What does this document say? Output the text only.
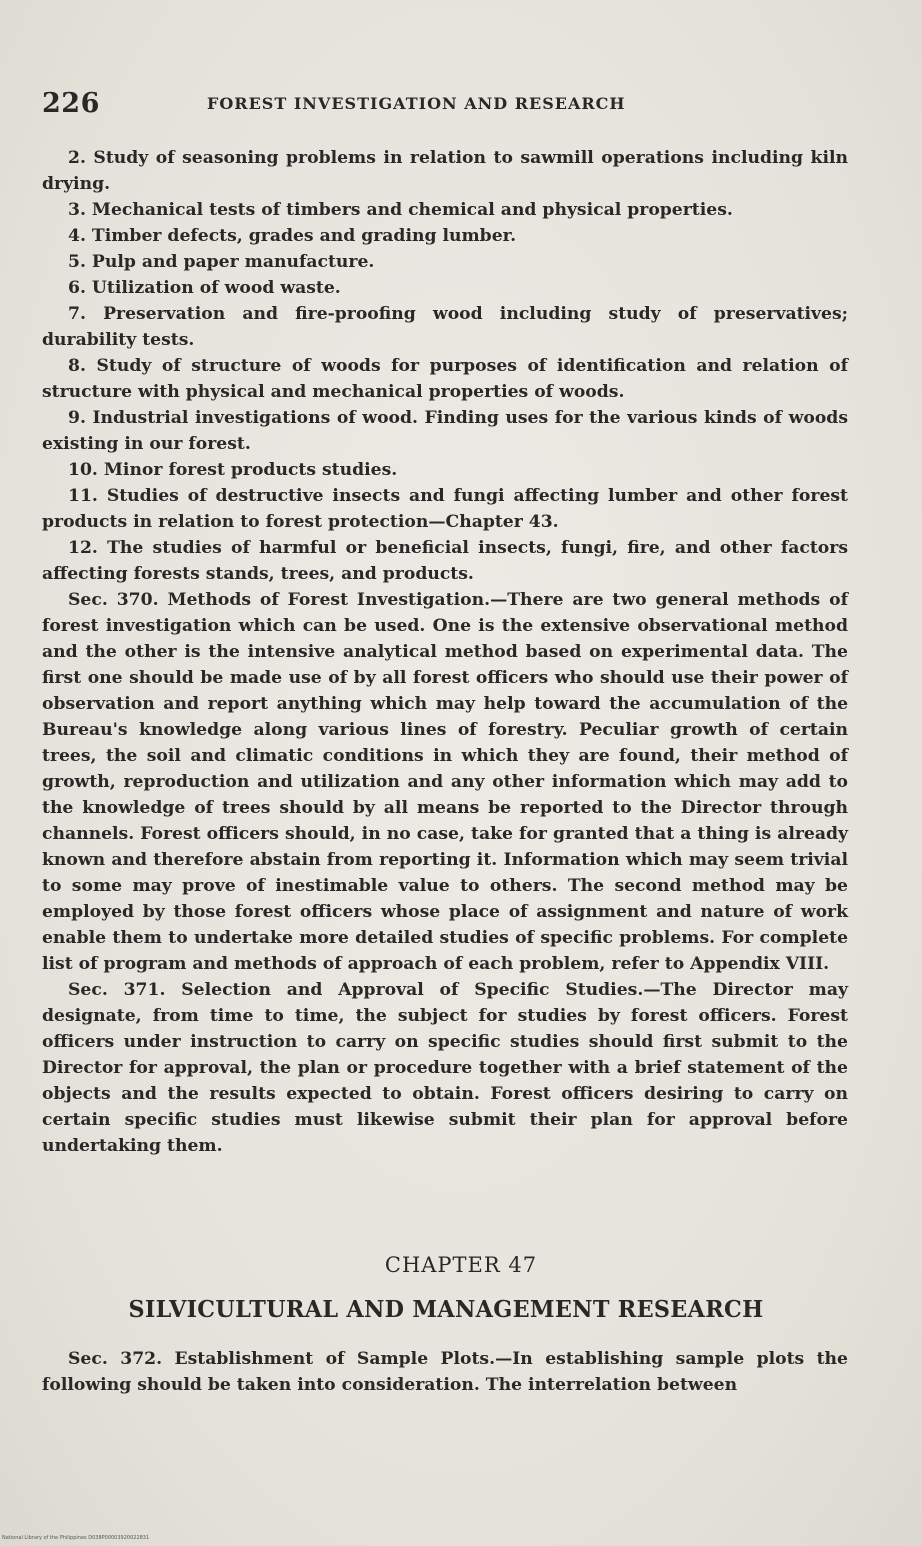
226	FOREST INVESTIGATION AND RESEARCH

2. Study of seasoning problems in relation to sawmill operations including kiln drying.

3. Mechanical tests of timbers and chemical and physical properties.

4. Timber defects, grades and grading lumber.

5. Pulp and paper manufacture.

6. Utilization of wood waste.

7. Preservation and fire-proofing wood including study of preservatives; durability tests.

8. Study of structure of woods for purposes of identification and relation of structure with physical and mechanical properties of woods.

9. Industrial investigations of wood. Finding uses for the various kinds of woods existing in our forest.

10. Minor forest products studies.

11. Studies of destructive insects and fungi affecting lumber and other forest products in relation to forest protection—Chapter 43.

12. The studies of harmful or beneficial insects, fungi, fire, and other factors affecting forests stands, trees, and products.

Sec. 370. Methods of Forest Investigation.—There are two general methods of forest investigation which can be used. One is the extensive observational method and the other is the intensive analytical method based on experimental data. The first one should be made use of by all forest officers who should use their power of observation and report anything which may help toward the accumulation of the Bureau's knowledge along various lines of forestry. Peculiar growth of certain trees, the soil and climatic conditions in which they are found, their method of growth, reproduction and utilization and any other information which may add to the knowledge of trees should by all means be reported to the Director through channels. Forest officers should, in no case, take for granted that a thing is already known and therefore abstain from reporting it. Information which may seem trivial to some may prove of inestimable value to others. The second method may be employed by those forest officers whose place of assignment and nature of work enable them to undertake more detailed studies of specific problems. For complete list of program and methods of approach of each problem, refer to Appendix VIII.

Sec. 371. Selection and Approval of Specific Studies.—The Director may designate, from time to time, the subject for studies by forest officers. Forest officers under instruction to carry on specific studies should first submit to the Director for approval, the plan or procedure together with a brief statement of the objects and the results expected to obtain. Forest officers desiring to carry on certain specific studies must likewise submit their plan for approval before undertaking them.

CHAPTER 47
SILVICULTURAL AND MANAGEMENT RESEARCH

Sec. 372. Establishment of Sample Plots.—In establishing sample plots the following should be taken into consideration. The interrelation between

National Library of the Philippines D038P00003920022831
